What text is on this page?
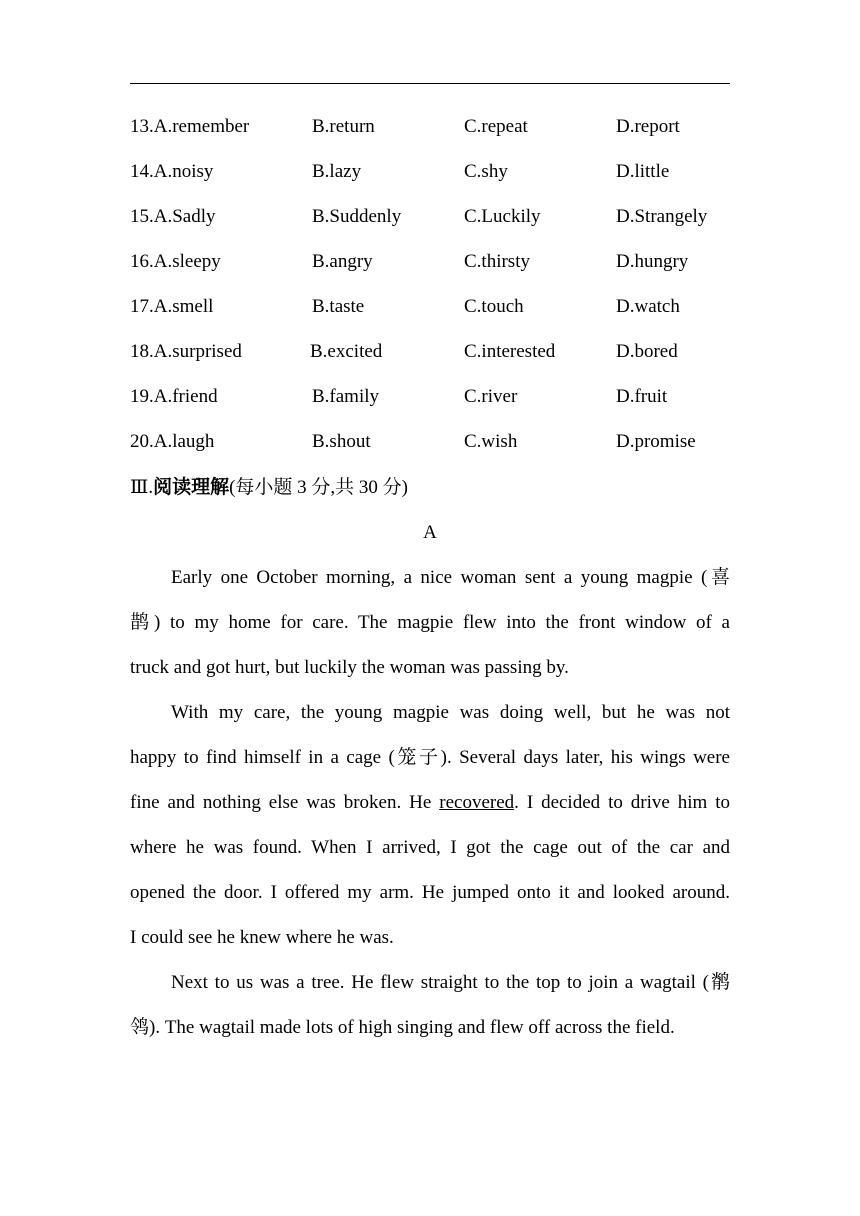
13.A.remember	B.return	C.repeat	D.report
14.A.noisy	B.lazy	C.shy	D.little
15.A.Sadly	B.Suddenly	C.Luckily	D.Strangely
16.A.sleepy	B.angry	C.thirsty	D.hungry
17.A.smell	B.taste	C.touch	D.watch
18.A.surprised	B.excited	C.interested	D.bored
19.A.friend	B.family	C.river	D.fruit
20.A.laugh	B.shout	C.wish	D.promise
Ⅲ.阅读理解(每小题 3 分,共 30 分)
A
Early one October morning, a nice woman sent a young magpie (喜
鹊) to my home for care. The magpie flew into the front window of a
truck and got hurt, but luckily the woman was passing by.
With my care, the young magpie was doing well, but he was not
happy to find himself in a cage (笼子). Several days later, his wings were
fine and nothing else was broken. He recovered. I decided to drive him to
where he was found. When I arrived, I got the cage out of the car and
opened the door. I offered my arm. He jumped onto it and looked around.
I could see he knew where he was.
Next to us was a tree. He flew straight to the top to join a wagtail (鹡
鸰). The wagtail made lots of high singing and flew off across the field.
